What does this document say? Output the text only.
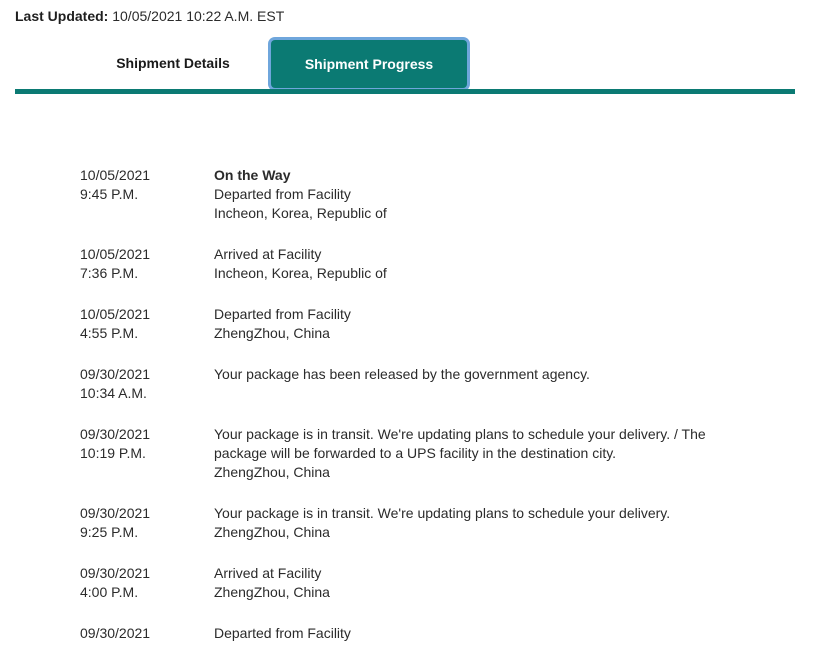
Last Updated: 10/05/2021 10:22 A.M. EST
Shipment Details	Shipment Progress
10/05/2021
9:45 P.M.
On the Way
Departed from Facility
Incheon, Korea, Republic of
10/05/2021
7:36 P.M.
Arrived at Facility
Incheon, Korea, Republic of
10/05/2021
4:55 P.M.
Departed from Facility
ZhengZhou, China
09/30/2021
10:34 A.M.
Your package has been released by the government agency.
09/30/2021
10:19 P.M.
Your package is in transit. We're updating plans to schedule your delivery. / The package will be forwarded to a UPS facility in the destination city.
ZhengZhou, China
09/30/2021
9:25 P.M.
Your package is in transit. We're updating plans to schedule your delivery.
ZhengZhou, China
09/30/2021
4:00 P.M.
Arrived at Facility
ZhengZhou, China
09/30/2021	Departed from Facility
